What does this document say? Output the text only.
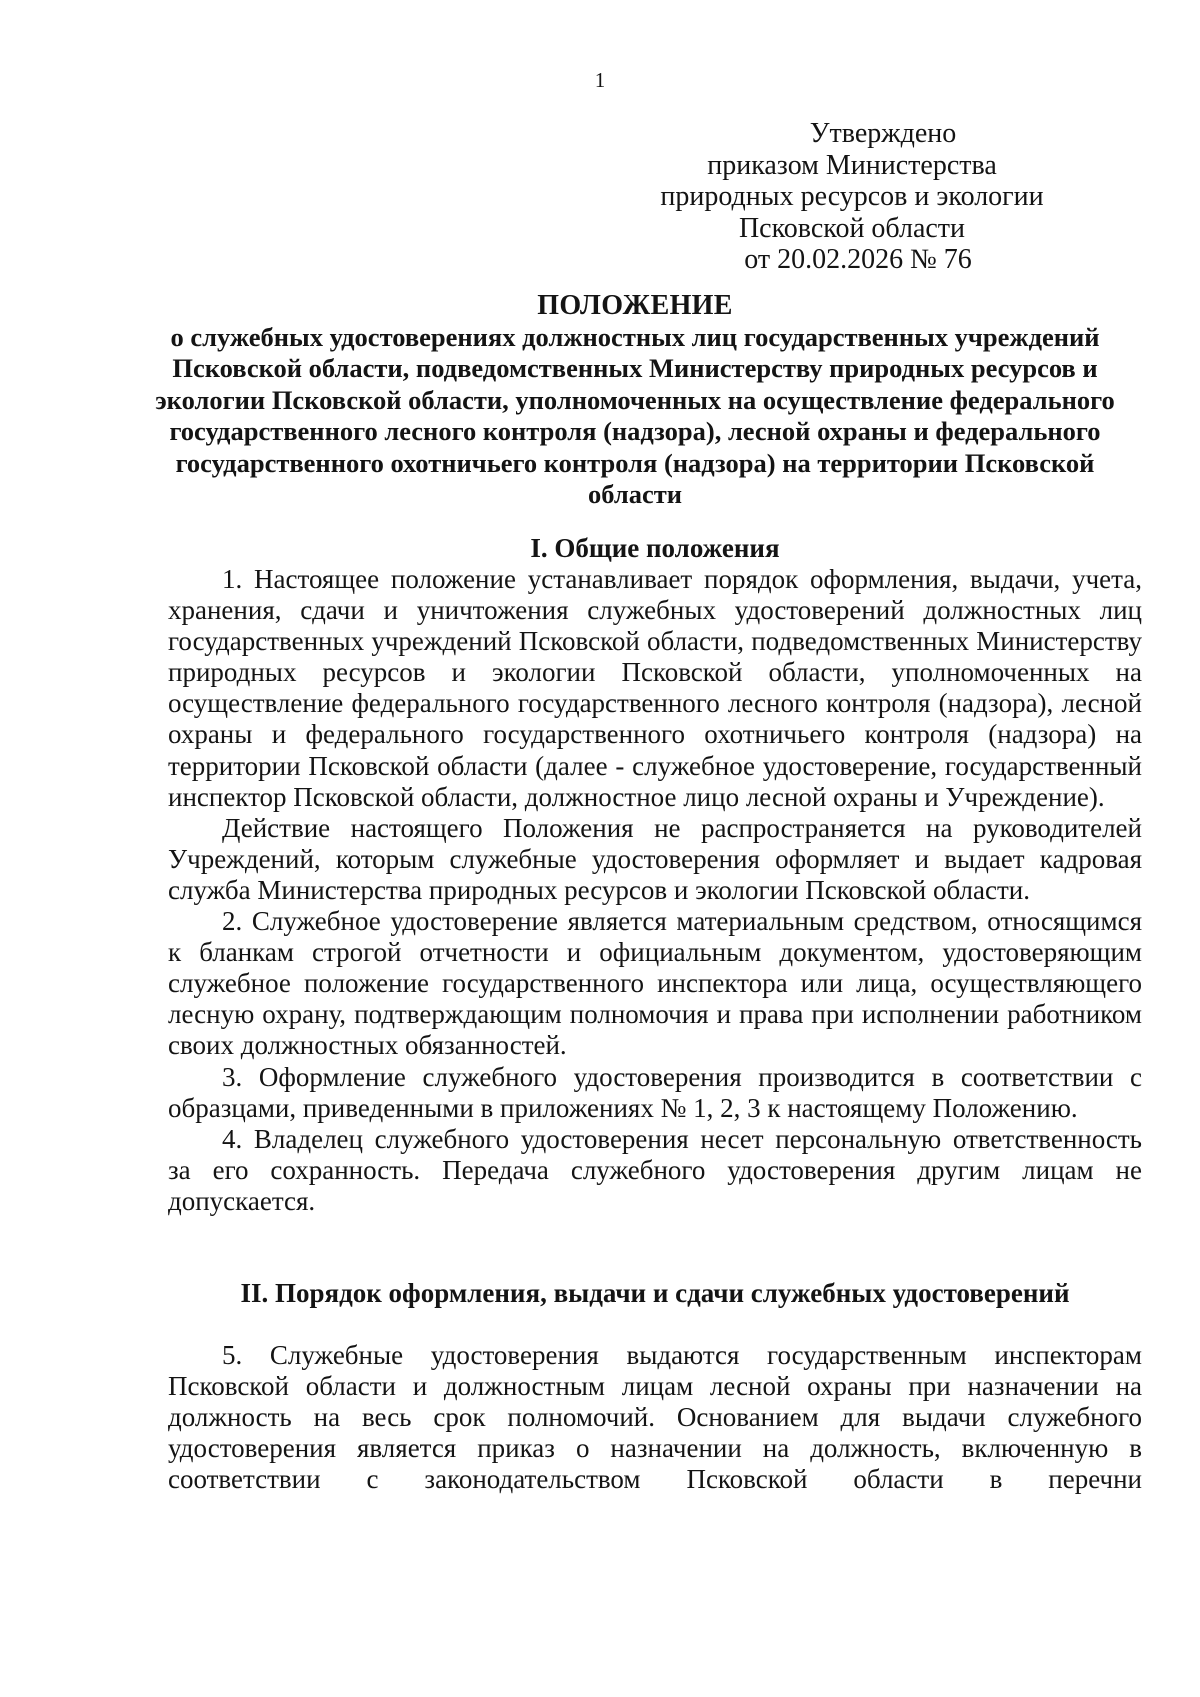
1
Утверждено
приказом Министерства
природных ресурсов и экологии
Псковской области
от 20.02.2026 № 76
ПОЛОЖЕНИЕ
о служебных удостоверениях должностных лиц государственных учреждений Псковской области, подведомственных Министерству природных ресурсов и экологии Псковской области, уполномоченных на осуществление федерального государственного лесного контроля (надзора), лесной охраны и федерального государственного охотничьего контроля (надзора) на территории Псковской области
I. Общие положения

1. Настоящее положение устанавливает порядок оформления, выдачи, учета, хранения, сдачи и уничтожения служебных удостоверений должностных лиц государственных учреждений Псковской области, подведомственных Министерству природных ресурсов и экологии Псковской области, уполномоченных на осуществление федерального государственного лесного контроля (надзора), лесной охраны и федерального государственного охотничьего контроля (надзора) на территории Псковской области (далее - служебное удостоверение, государственный инспектор Псковской области, должностное лицо лесной охраны и Учреждение).

Действие настоящего Положения не распространяется на руководителей Учреждений, которым служебные удостоверения оформляет и выдает кадровая служба Министерства природных ресурсов и экологии Псковской области.

2. Служебное удостоверение является материальным средством, относящимся к бланкам строгой отчетности и официальным документом, удостоверяющим служебное положение государственного инспектора или лица, осуществляющего лесную охрану, подтверждающим полномочия и права при исполнении работником своих должностных обязанностей.

3. Оформление служебного удостоверения производится в соответствии с образцами, приведенными в приложениях № 1, 2, 3 к настоящему Положению.

4. Владелец служебного удостоверения несет персональную ответственность за его сохранность. Передача служебного удостоверения другим лицам не допускается.

II. Порядок оформления, выдачи и сдачи служебных удостоверений

5. Служебные удостоверения выдаются государственным инспекторам Псковской области и должностным лицам лесной охраны при назначении на должность на весь срок полномочий. Основанием для выдачи служебного удостоверения является приказ о назначении на должность, включенную в соответствии с законодательством Псковской области в перечни
